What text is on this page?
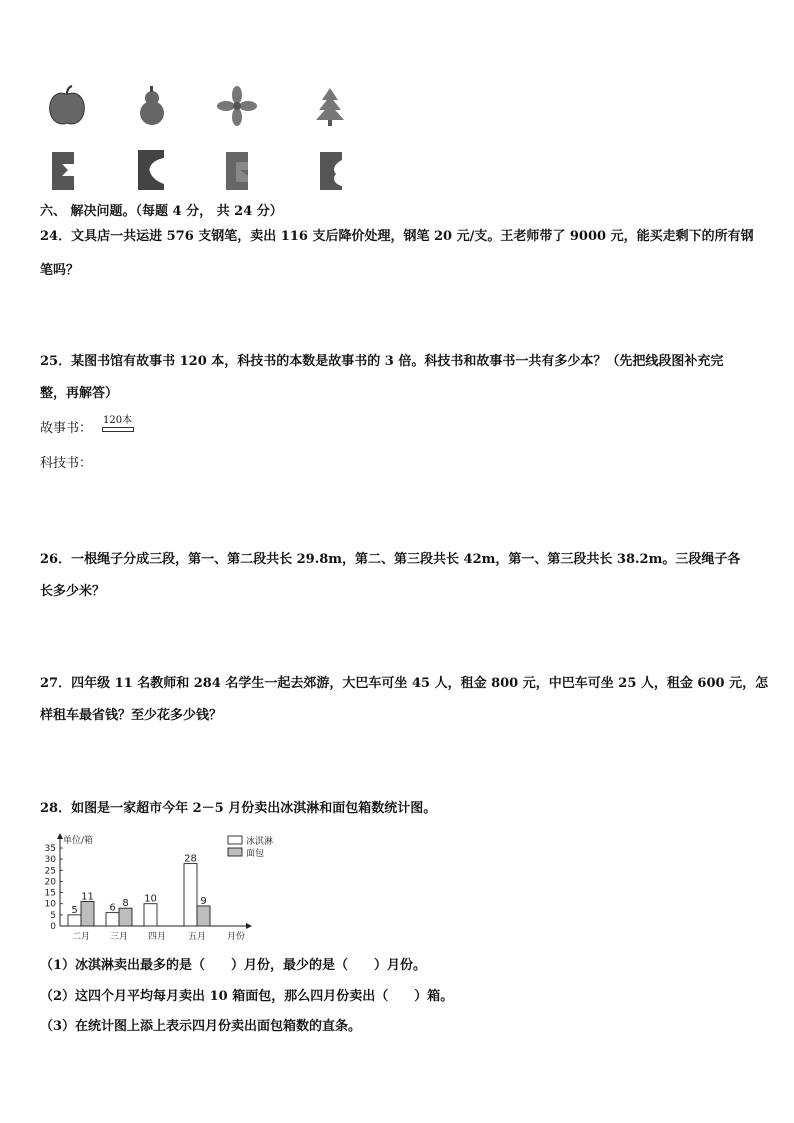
六、 解决问题。（每题 4 分， 共 24 分）
24．文具店一共运进 576 支钢笔，卖出 116 支后降价处理，钢笔 20 元/支。王老师带了 9000 元，能买走剩下的所有钢
笔吗？
25．某图书馆有故事书 120 本，科技书的本数是故事书的 3 倍。科技书和故事书一共有多少本？（先把线段图补充完
整，再解答）
故事书：
120本
科技书：
26．一根绳子分成三段，第一、第二段共长 29.8m，第二、第三段共长 42m，第一、第三段共长 38.2m。三段绳子各
长多少米？
27．四年级 11 名教师和 284 名学生一起去郊游，大巴车可坐 45 人，租金 800 元，中巴车可坐 25 人，租金 600 元，怎
样租车最省钱？至少花多少钱？
28．如图是一家超市今年 2－5 月份卖出冰淇淋和面包箱数统计图。
0
5
10
15
20
25
30
35
单位/箱
月份
5
11
二月
6 8
三月
10
四月
28
9
五月
冰淇淋
面包
（1）冰淇淋卖出最多的是（　　）月份，最少的是（　　）月份。
（2）这四个月平均每月卖出 10 箱面包，那么四月份卖出（　　）箱。
（3）在统计图上添上表示四月份卖出面包箱数的直条。
